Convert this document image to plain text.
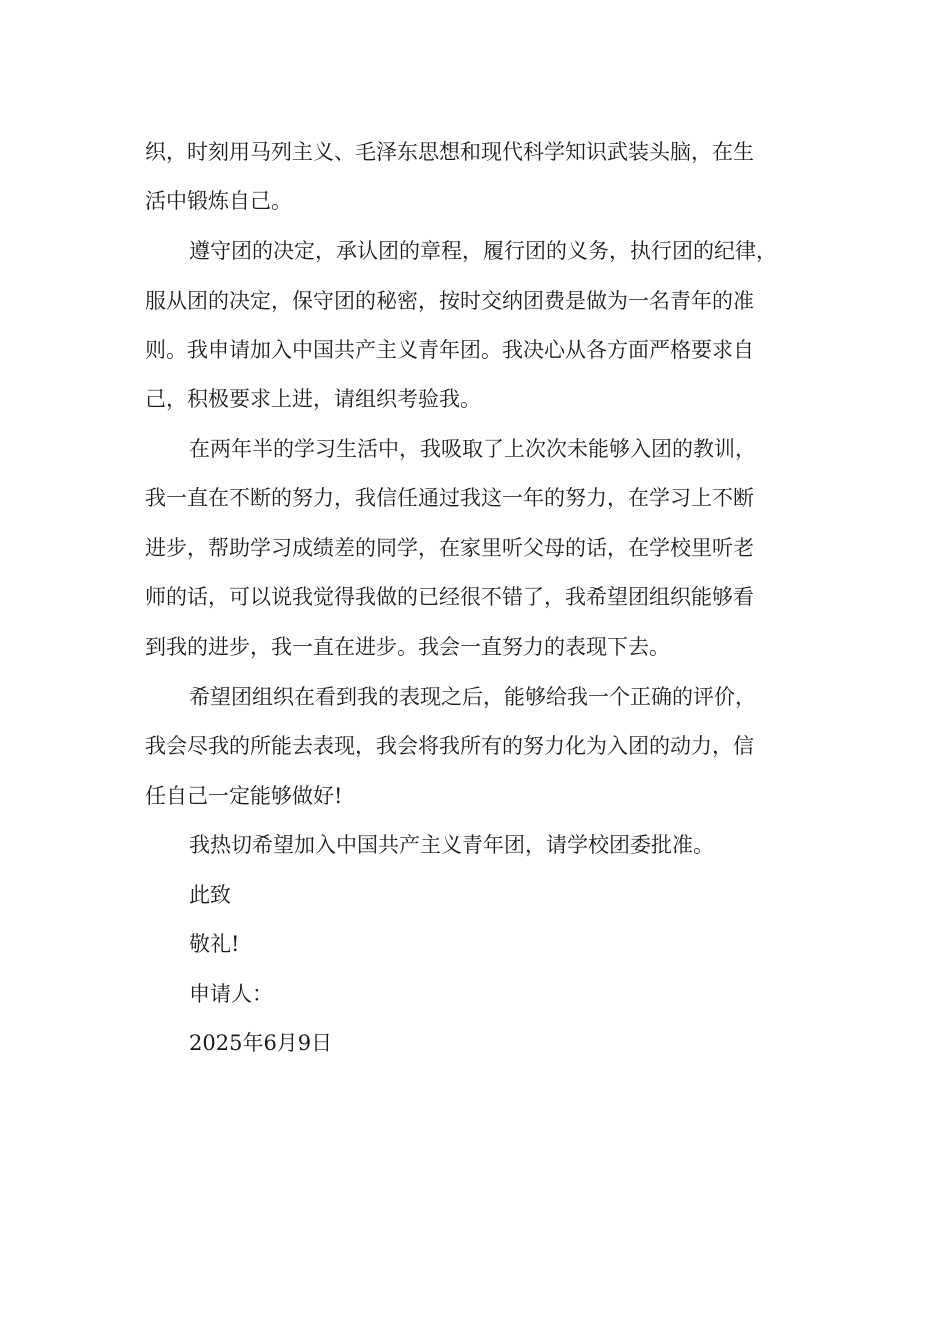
织，时刻用马列主义、毛泽东思想和现代科学知识武装头脑，在生
活中锻炼自己。
遵守团的决定，承认团的章程，履行团的义务，执行团的纪律，
服从团的决定，保守团的秘密，按时交纳团费是做为一名青年的准
则。我申请加入中国共产主义青年团。我决心从各方面严格要求自
己，积极要求上进，请组织考验我。
在两年半的学习生活中，我吸取了上次次未能够入团的教训，
我一直在不断的努力，我信任通过我这一年的努力，在学习上不断
进步，帮助学习成绩差的同学，在家里听父母的话，在学校里听老
师的话，可以说我觉得我做的已经很不错了，我希望团组织能够看
到我的进步，我一直在进步。我会一直努力的表现下去。
希望团组织在看到我的表现之后，能够给我一个正确的评价，
我会尽我的所能去表现，我会将我所有的努力化为入团的动力，信
任自己一定能够做好!
我热切希望加入中国共产主义青年团，请学校团委批准。
此致
敬礼!
申请人：
2025年6月9日
